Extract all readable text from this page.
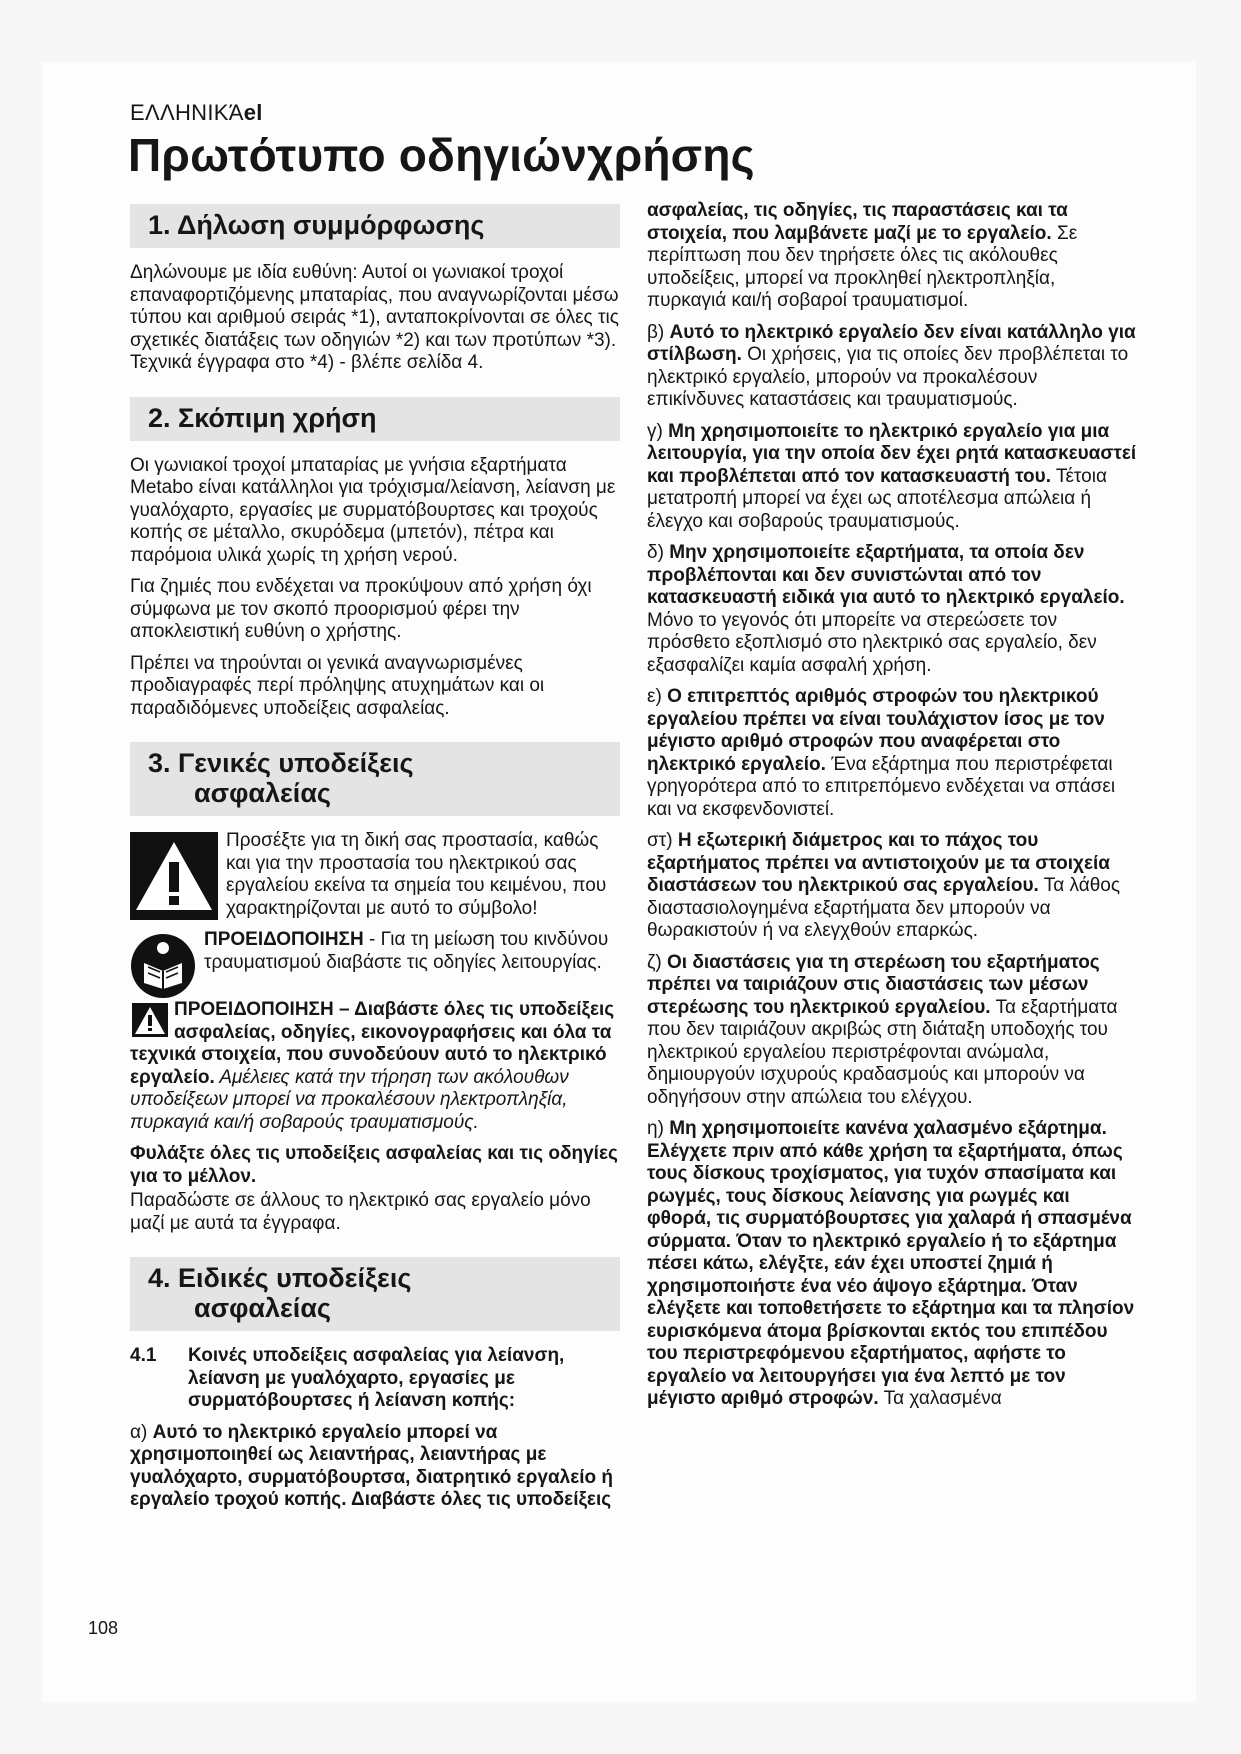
ΕΛΛΗΝΙΚΆel
Πρωτότυπο οδηγιώνχρήσης
1. Δήλωση συμμόρφωσης

Δηλώνουμε με ιδία ευθύνη: Αυτοί οι γωνιακοί τροχοί επαναφορτιζόμενης μπαταρίας, που αναγνωρίζονται μέσω τύπου και αριθμού σειράς *1), ανταποκρίνονται σε όλες τις σχετικές διατάξεις των οδηγιών *2) και των προτύπων *3). Τεχνικά έγγραφα στο *4) - βλέπε σελίδα 4.

2. Σκόπιμη χρήση

Οι γωνιακοί τροχοί μπαταρίας με γνήσια εξαρτήματα Metabo είναι κατάλληλοι για τρόχισμα/λείανση, λείανση με γυαλόχαρτο, εργασίες με συρματόβουρτσες και τροχούς κοπής σε μέταλλο, σκυρόδεμα (μπετόν), πέτρα και παρόμοια υλικά χωρίς τη χρήση νερού.

Για ζημιές που ενδέχεται να προκύψουν από χρήση όχι σύμφωνα με τον σκοπό προορισμού φέρει την αποκλειστική ευθύνη ο χρήστης.

Πρέπει να τηρούνται οι γενικά αναγνωρισμένες προδιαγραφές περί πρόληψης ατυχημάτων και οι παραδιδόμενες υποδείξεις ασφαλείας.

3. Γενικές υποδείξεις
ασφαλείας

Προσέξτε για τη δική σας προστασία, καθώς και για την προστασία του ηλεκτρικού σας εργαλείου εκείνα τα σημεία του κειμένου, που χαρακτηρίζονται με αυτό το σύμβολο!

ΠΡΟΕΙΔΟΠΟΙΗΣΗ - Για τη μείωση του κινδύνου τραυματισμού διαβάστε τις οδηγίες λειτουργίας.

ΠΡΟΕΙΔΟΠΟΙΗΣΗ – Διαβάστε όλες τις υποδείξεις ασφαλείας, οδηγίες, εικονογραφήσεις και όλα τα τεχνικά στοιχεία, που συνοδεύουν αυτό το ηλεκτρικό εργαλείο. Αμέλειες κατά την τήρηση των ακόλουθων υποδείξεων μπορεί να προκαλέσουν ηλεκτροπληξία, πυρκαγιά και/ή σοβαρούς τραυματισμούς.

Φυλάξτε όλες τις υποδείξεις ασφαλείας και τις οδηγίες για το μέλλον.

Παραδώστε σε άλλους το ηλεκτρικό σας εργαλείο μόνο μαζί με αυτά τα έγγραφα.

4. Ειδικές υποδείξεις
ασφαλείας
4.1	Κοινές υποδείξεις ασφαλείας για λείανση, λείανση με γυαλόχαρτο, εργασίες με συρματόβουρτσες ή λείανση κοπής:

α) Αυτό το ηλεκτρικό εργαλείο μπορεί να χρησιμοποιηθεί ως λειαντήρας, λειαντήρας με γυαλόχαρτο, συρματόβουρτσα, διατρητικό εργαλείο ή εργαλείο τροχού κοπής. Διαβάστε όλες τις υποδείξεις

ασφαλείας, τις οδηγίες, τις παραστάσεις και τα στοιχεία, που λαμβάνετε μαζί με το εργαλείο. Σε περίπτωση που δεν τηρήσετε όλες τις ακόλουθες υποδείξεις, μπορεί να προκληθεί ηλεκτροπληξία, πυρκαγιά και/ή σοβαροί τραυματισμοί.

β) Αυτό το ηλεκτρικό εργαλείο δεν είναι κατάλληλο για στίλβωση. Οι χρήσεις, για τις οποίες δεν προβλέπεται το ηλεκτρικό εργαλείο, μπορούν να προκαλέσουν επικίνδυνες καταστάσεις και τραυματισμούς.

γ) Μη χρησιμοποιείτε το ηλεκτρικό εργαλείο για μια λειτουργία, για την οποία δεν έχει ρητά κατασκευαστεί και προβλέπεται από τον κατασκευαστή του. Τέτοια μετατροπή μπορεί να έχει ως αποτέλεσμα απώλεια ή έλεγχο και σοβαρούς τραυματισμούς.

δ) Μην χρησιμοποιείτε εξαρτήματα, τα οποία δεν προβλέπονται και δεν συνιστώνται από τον κατασκευαστή ειδικά για αυτό το ηλεκτρικό εργαλείο. Μόνο το γεγονός ότι μπορείτε να στερεώσετε τον πρόσθετο εξοπλισμό στο ηλεκτρικό σας εργαλείο, δεν εξασφαλίζει καμία ασφαλή χρήση.

ε) Ο επιτρεπτός αριθμός στροφών του ηλεκτρικού εργαλείου πρέπει να είναι τουλάχιστον ίσος με τον μέγιστο αριθμό στροφών που αναφέρεται στο ηλεκτρικό εργαλείο. Ένα εξάρτημα που περιστρέφεται γρηγορότερα από το επιτρεπόμενο ενδέχεται να σπάσει και να εκσφενδονιστεί.

στ) Η εξωτερική διάμετρος και το πάχος του εξαρτήματος πρέπει να αντιστοιχούν με τα στοιχεία διαστάσεων του ηλεκτρικού σας εργαλείου. Τα λάθος διαστασιολογημένα εξαρτήματα δεν μπορούν να θωρακιστούν ή να ελεγχθούν επαρκώς.

ζ) Οι διαστάσεις για τη στερέωση του εξαρτήματος πρέπει να ταιριάζουν στις διαστάσεις των μέσων στερέωσης του ηλεκτρικού εργαλείου. Τα εξαρτήματα που δεν ταιριάζουν ακριβώς στη διάταξη υποδοχής του ηλεκτρικού εργαλείου περιστρέφονται ανώμαλα, δημιουργούν ισχυρούς κραδασμούς και μπορούν να οδηγήσουν στην απώλεια του ελέγχου.

η) Μη χρησιμοποιείτε κανένα χαλασμένο εξάρτημα. Ελέγχετε πριν από κάθε χρήση τα εξαρτήματα, όπως τους δίσκους τροχίσματος, για τυχόν σπασίματα και ρωγμές, τους δίσκους λείανσης για ρωγμές και φθορά, τις συρματόβουρτσες για χαλαρά ή σπασμένα σύρματα. Όταν το ηλεκτρικό εργαλείο ή το εξάρτημα πέσει κάτω, ελέγξτε, εάν έχει υποστεί ζημιά ή χρησιμοποιήστε ένα νέο άψογο εξάρτημα. Όταν ελέγξετε και τοποθετήσετε το εξάρτημα και τα πλησίον ευρισκόμενα άτομα βρίσκονται εκτός του επιπέδου του περιστρεφόμενου εξαρτήματος, αφήστε το εργαλείο να λειτουργήσει για ένα λεπτό με τον μέγιστο αριθμό στροφών. Τα χαλασμένα

108
